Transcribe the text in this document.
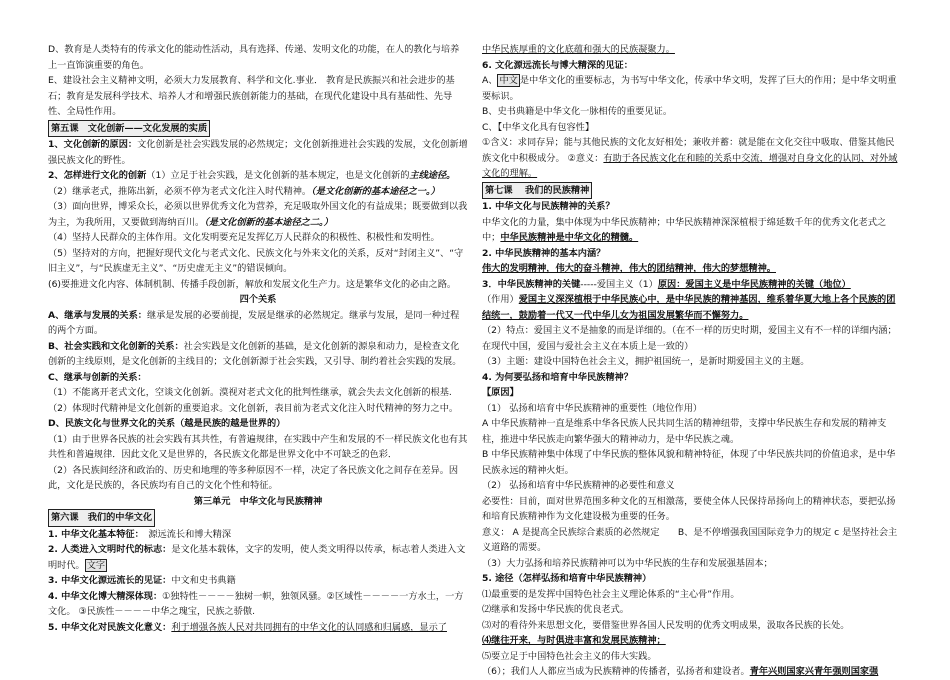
D、教育是人类特有的传承文化的能动性活动，具有选择、传递、发明文化的功能，在人的教化与培养上一直饰演重要的角色。

E、建设社会主义精神文明，必须大力发展教育、科学和文化.事业． 教育是民族振兴和社会进步的基石；教育是发展科学技术、培养人才和增强民族创新能力的基础，在现代化建设中具有基础性、先导性、全局性作用。

第五课　文化创新——文化发展的实质

1、文化创新的原因：文化创新是社会实践发展的必然规定；文化创新推进社会实践的发展，文化创新增强民族文化的野性。

2、怎样进行文化的创新（1）立足于社会实践，是文化创新的基本规定，也是文化创新的主线途径。

（2）继承老式，推陈出新，必须不停为老式文化注入时代精神。（是文化创新的基本途径之一。）

（3）面向世界，博采众长，必须以世界优秀文化为营养，充足吸取外国文化的有益成果；既要做到以我为主，为我所用，又要做到海纳百川。（是文化创新的基本途径之二。）

（4）坚持人民群众的主体作用。文化发明要充足发挥亿万人民群众的积极性、积极性和发明性。

（5）坚持对的方向，把握好现代文化与老式文化、民族文化与外来文化的关系，反对“封闭主义”、“守旧主义”，与“民族虚无主义”、“历史虚无主义”的错误倾向。

(6)要推进文化内容、体制机制、传播手段创新，解放和发展文化生产力。这是繁华文化的必由之路。

四个关系

A、继承与发展的关系：继承是发展的必要前提，发展是继承的必然规定。继承与发展，是同一种过程的两个方面。

B、社会实践和文化创新的关系：社会实践是文化创新的基础，是文化创新的源泉和动力，是检查文化创新的主线原则，是文化创新的主线目的；文化创新源于社会实践，又引导、制约着社会实践的发展。

C、继承与创新的关系：

（1）不能离开老式文化，空谈文化创新。漠视对老式文化的批判性继承，就会失去文化创新的根基.

（2）体现时代精神是文化创新的重要追求。文化创新，表目前为老式文化注入时代精神的努力之中。

D、民族文化与世界文化的关系（越是民族的越是世界的）

（1）由于世界各民族的社会实践有其共性，有普遍规律，在实践中产生和发展的不一样民族文化也有其共性和普遍规律．因此文化又是世界的，各民族文化都是世界文化中不可缺乏的色彩．

（2）各民族间经济和政治的、历史和地理的等多种原因不一样，决定了各民族文化之间存在差异。因此，文化是民族的，各民族均有自己的文化个性和特征。

第三单元　中华文化与民族精神

第六课　我们的中华文化

1. 中华文化基本特征：　源远流长和博大精深

2. 人类进入文明时代的标志：是文化基本载体，文字的发明，使人类文明得以传承，标志着人类进入文明时代。 文字

3. 中华文化源远流长的见证：中文和史书典籍

4. 中华文化博大精深体现：①独特性－－－－独树一帜，独领风骚。②区域性－－－－一方水土，一方文化。 ③民族性－－－－中华之瑰宝，民族之骄傲.

5. 中华文化对民族文化意义：利于增强各族人民对共同拥有的中华文化的认同感和归属感，显示了

中华民族厚重的文化底蕴和强大的民族凝聚力。

6. 文化源远流长与博大精深的见证：

A、 中文 是中华文化的重要标志，为书写中华文化，传承中华文明，发挥了巨大的作用；是中华文明重要标识。

B、史书典籍是中华文化一脉相传的重要见证。

C、【中华文化具有包容性】

①含义：求同存异；能与其他民族的文化友好相处；兼收并蓄：就是能在文化交往中吸取、借鉴其他民族文化中积极成分。 ②意义：有助于各民族文化在和睦的关系中交流，增强对自身文化的认同、对外域文化的理解。

第七课　 我们的民族精神

1. 中华文化与民族精神的关系？

中华文化的力量，集中体现为中华民族精神；中华民族精神深深植根于绵延数千年的优秀文化老式之中；中华民族精神是中华文化的精髓。

2. 中华民族精神的基本内涵？

伟大的发明精神，伟大的奋斗精神，伟大的团结精神，伟大的梦想精神。

3．中华民族精神的关键-----爱国主义（1）原因：爱国主义是中华民族精神的关键（地位）

（作用）爱国主义深深植根于中华民族心中，是中华民族的精神基因，维系着华夏大地上各个民族的团结统一，鼓励着一代又一代中华儿女为祖国发展繁华而不懈努力。

（2）特点：爱国主义不是抽象的而是详细的。（在不一样的历史时期，爱国主义有不一样的详细内涵；在现代中国，爱国与爱社会主义在本质上是一致的）

（3）主题：建设中国特色社会主义，拥护祖国统一，是新时期爱国主义的主题。

4. 为何要弘扬和培育中华民族精神？

【原因】

（1） 弘扬和培育中华民族精神的重要性（地位作用）

A 中华民族精神一直是维系中华各民族人民共同生活的精神纽带，支撑中华民族生存和发展的精神支柱，推进中华民族走向繁华强大的精神动力，是中华民族之魂。

B 中华民族精神集中体现了中华民族的整体风貌和精神特征，体现了中华民族共同的价值追求，是中华民族永远的精神火炬。

（2） 弘扬和培育中华民族精神的必要性和意义

必要性：目前，面对世界范围多种文化的互相激荡，要使全体人民保持昂扬向上的精神状态，要把弘扬和培育民族精神作为文化建设极为重要的任务。

意义： A 是提高全民族综合素质的必然规定　　B、是不停增强我国国际竞争力的规定 c 是坚持社会主义道路的需要。

（3）大力弘扬和培养民族精神可以为中华民族的生存和发展强基固本；

5. 途径（怎样弘扬和培育中华民族精神）

⑴最重要的是发挥中国特色社会主义理论体系的“主心骨”作用。

⑵继承和发扬中华民族的优良老式。

⑶对的看待外来思想文化，要借鉴世界各国人民发明的优秀文明成果，汲取各民族的长处。

⑷继往开来，与时俱进丰富和发展民族精神；

⑸要立足于中国特色社会主义的伟大实践。

（6）；我们人人都应当成为民族精神的传播者，弘扬者和建设者。青年兴则国家兴青年强则国家强
